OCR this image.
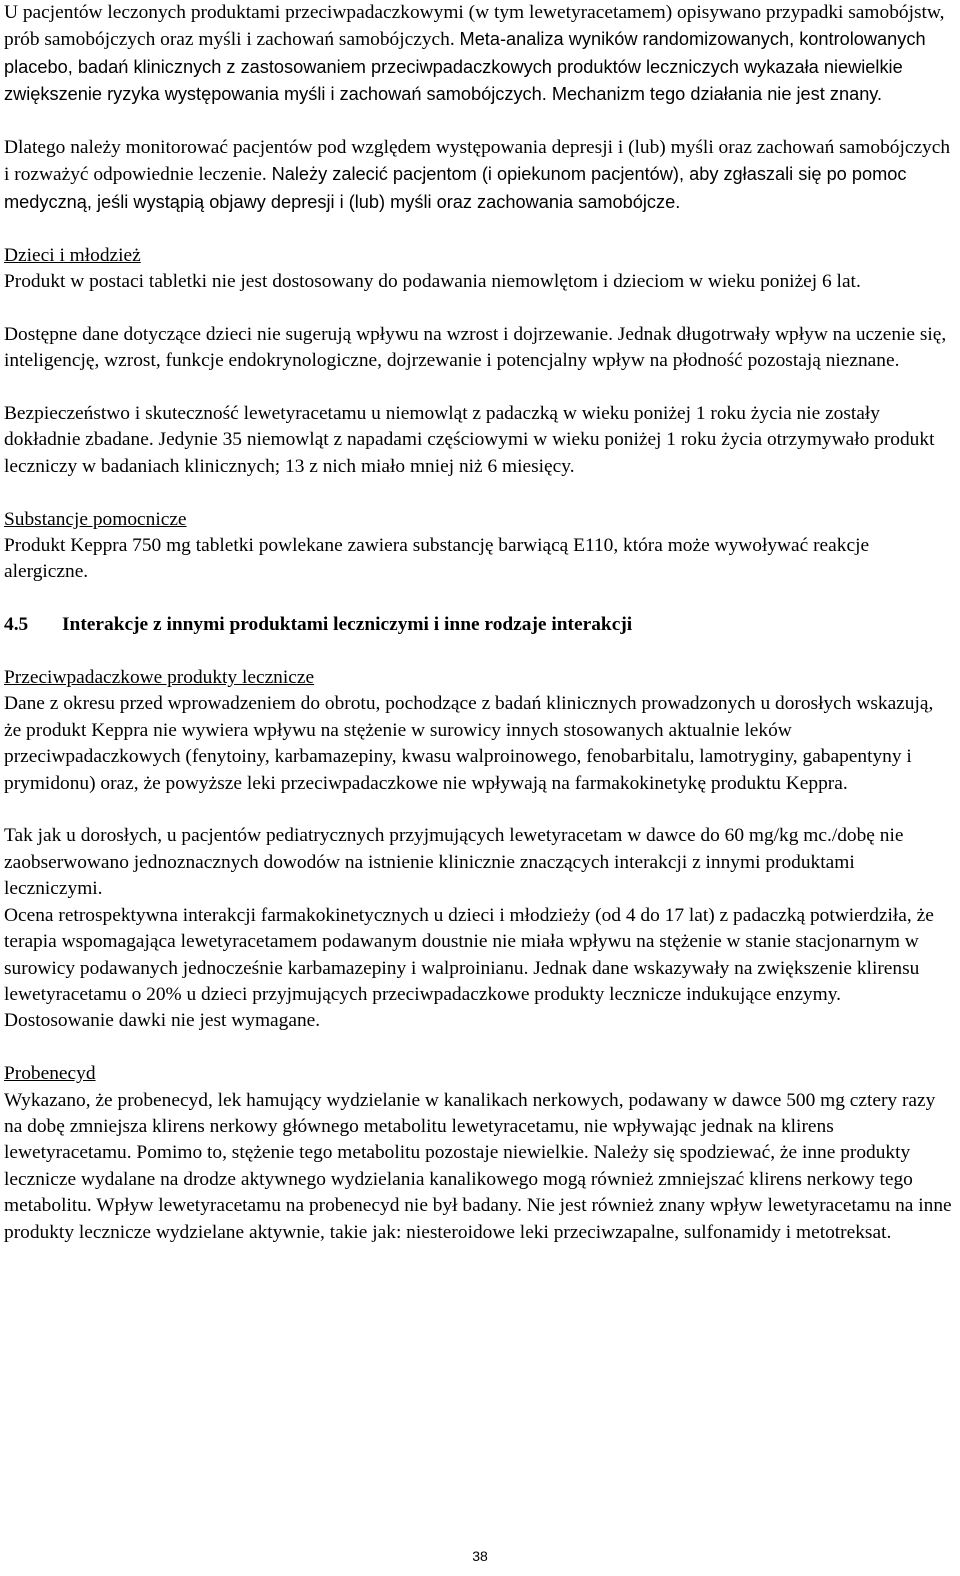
U pacjentów leczonych produktami przeciwpadaczkowymi (w tym lewetyracetamem) opisywano przypadki samobójstw, prób samobójczych oraz myśli i zachowań samobójczych. Meta-analiza wyników randomizowanych, kontrolowanych placebo, badań klinicznych z zastosowaniem przeciwpadaczkowych produktów leczniczych wykazała niewielkie zwiększenie ryzyka występowania myśli i zachowań samobójczych. Mechanizm tego działania nie jest znany.

Dlatego należy monitorować pacjentów pod względem występowania depresji i (lub) myśli oraz zachowań samobójczych i rozważyć odpowiednie leczenie. Należy zalecić pacjentom (i opiekunom pacjentów), aby zgłaszali się po pomoc medyczną, jeśli wystąpią objawy depresji i (lub) myśli oraz zachowania samobójcze.

Dzieci i młodzież

Produkt w postaci tabletki nie jest dostosowany do podawania niemowlętom i dzieciom w wieku poniżej 6 lat.

Dostępne dane dotyczące dzieci nie sugerują wpływu na wzrost i dojrzewanie. Jednak długotrwały wpływ na uczenie się, inteligencję, wzrost, funkcje endokrynologiczne, dojrzewanie i potencjalny wpływ na płodność pozostają nieznane.

Bezpieczeństwo i skuteczność lewetyracetamu u niemowląt z padaczką w wieku poniżej 1 roku życia nie zostały dokładnie zbadane. Jedynie 35 niemowląt z napadami częściowymi w wieku poniżej 1 roku życia otrzymywało produkt leczniczy w badaniach klinicznych; 13 z nich miało mniej niż 6 miesięcy.

Substancje pomocnicze

Produkt Keppra 750 mg tabletki powlekane zawiera substancję barwiącą E110, która może wywoływać reakcje alergiczne.

4.5	Interakcje z innymi produktami leczniczymi i inne rodzaje interakcji

Przeciwpadaczkowe produkty lecznicze

Dane z okresu przed wprowadzeniem do obrotu, pochodzące z badań klinicznych prowadzonych u dorosłych wskazują, że produkt Keppra nie wywiera wpływu na stężenie w surowicy innych stosowanych aktualnie leków przeciwpadaczkowych (fenytoiny, karbamazepiny, kwasu walproinowego, fenobarbitalu, lamotryginy, gabapentyny i prymidonu) oraz, że powyższe leki przeciwpadaczkowe nie wpływają na farmakokinetykę produktu Keppra.

Tak jak u dorosłych, u pacjentów pediatrycznych przyjmujących lewetyracetam w dawce do 60 mg/kg mc./dobę nie zaobserwowano jednoznacznych dowodów na istnienie klinicznie znaczących interakcji z innymi produktami leczniczymi.

Ocena retrospektywna interakcji farmakokinetycznych u dzieci i młodzieży (od 4 do 17 lat) z padaczką potwierdziła, że terapia wspomagająca lewetyracetamem podawanym doustnie nie miała wpływu na stężenie w stanie stacjonarnym w surowicy podawanych jednocześnie karbamazepiny i walproinianu. Jednak dane wskazywały na zwiększenie klirensu lewetyracetamu o 20% u dzieci przyjmujących przeciwpadaczkowe produkty lecznicze indukujące enzymy. Dostosowanie dawki nie jest wymagane.

Probenecyd

Wykazano, że probenecyd, lek hamujący wydzielanie w kanalikach nerkowych, podawany w dawce 500 mg cztery razy na dobę zmniejsza klirens nerkowy głównego metabolitu lewetyracetamu, nie wpływając jednak na klirens lewetyracetamu. Pomimo to, stężenie tego metabolitu pozostaje niewielkie. Należy się spodziewać, że inne produkty lecznicze wydalane na drodze aktywnego wydzielania kanalikowego mogą również zmniejszać klirens nerkowy tego metabolitu. Wpływ lewetyracetamu na probenecyd nie był badany. Nie jest również znany wpływ lewetyracetamu na inne produkty lecznicze wydzielane aktywnie, takie jak: niesteroidowe leki przeciwzapalne, sulfonamidy i metotreksat.

38
